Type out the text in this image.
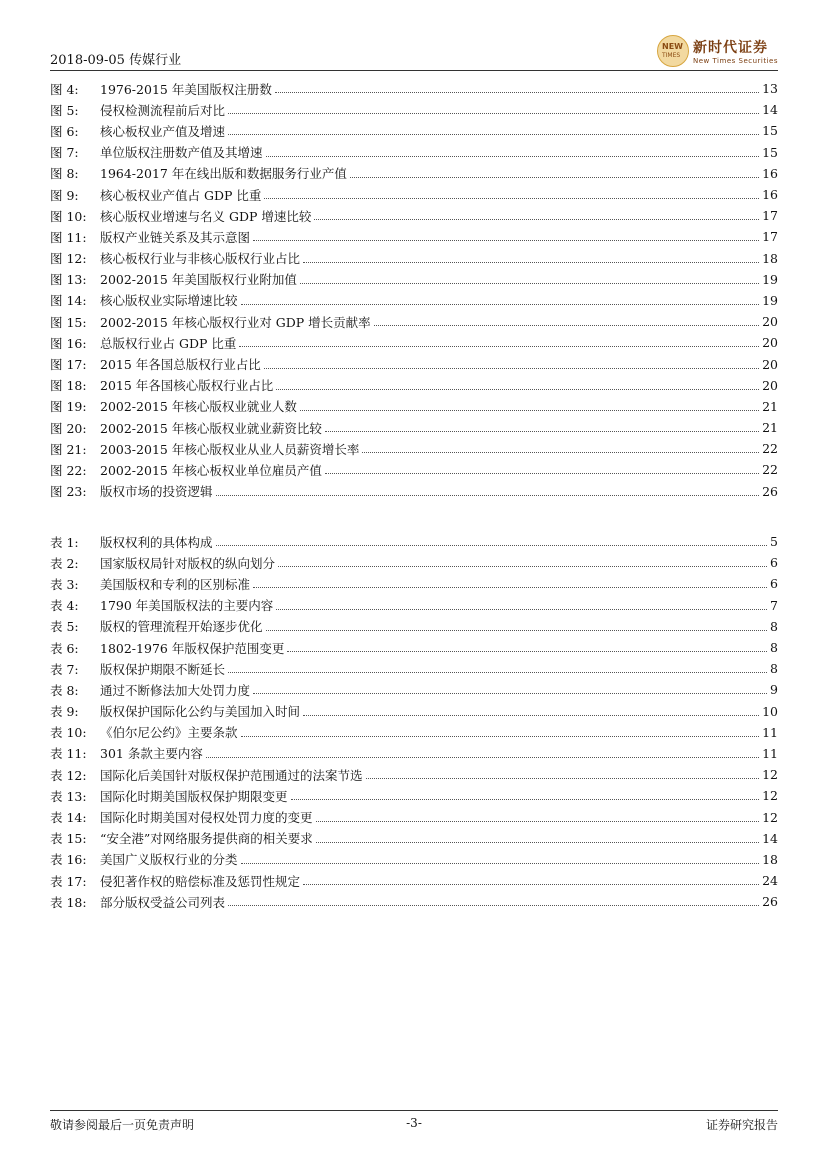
2018-09-05 传媒行业
NEW
TIMES 新时代证券
New Times Securities
图 4:	1976-2015 年美国版权注册数	13
图 5:	侵权检测流程前后对比	14
图 6:	核心板权业产值及增速	15
图 7:	单位版权注册数产值及其增速	15
图 8:	1964-2017 年在线出版和数据服务行业产值	16
图 9:	核心板权业产值占 GDP 比重	16
图 10:	核心版权业增速与名义 GDP 增速比较	17
图 11:	版权产业链关系及其示意图	17
图 12:	核心板权行业与非核心版权行业占比	18
图 13:	2002-2015 年美国版权行业附加值	19
图 14:	核心版权业实际增速比较	19
图 15:	2002-2015 年核心版权行业对 GDP 增长贡献率	20
图 16:	总版权行业占 GDP 比重	20
图 17:	2015 年各国总版权行业占比	20
图 18:	2015 年各国核心版权行业占比	20
图 19:	2002-2015 年核心版权业就业人数	21
图 20:	2002-2015 年核心版权业就业薪资比较	21
图 21:	2003-2015 年核心版权业从业人员薪资增长率	22
图 22:	2002-2015 年核心板权业单位雇员产值	22
图 23:	版权市场的投资逻辑	26
表 1:	版权权利的具体构成	5
表 2:	国家版权局针对版权的纵向划分	6
表 3:	美国版权和专利的区别标准	6
表 4:	1790 年美国版权法的主要内容	7
表 5:	版权的管理流程开始逐步优化	8
表 6:	1802-1976 年版权保护范围变更	8
表 7:	版权保护期限不断延长	8
表 8:	通过不断修法加大处罚力度	9
表 9:	版权保护国际化公约与美国加入时间	10
表 10:	《伯尔尼公约》主要条款	11
表 11:	301 条款主要内容	11
表 12:	国际化后美国针对版权保护范围通过的法案节选	12
表 13:	国际化时期美国版权保护期限变更	12
表 14:	国际化时期美国对侵权处罚力度的变更	12
表 15:	“安全港”对网络服务提供商的相关要求	14
表 16:	美国广义版权行业的分类	18
表 17:	侵犯著作权的赔偿标准及惩罚性规定	24
表 18:	部分版权受益公司列表	26
敬请参阅最后一页免责声明	-3-	证券研究报告
